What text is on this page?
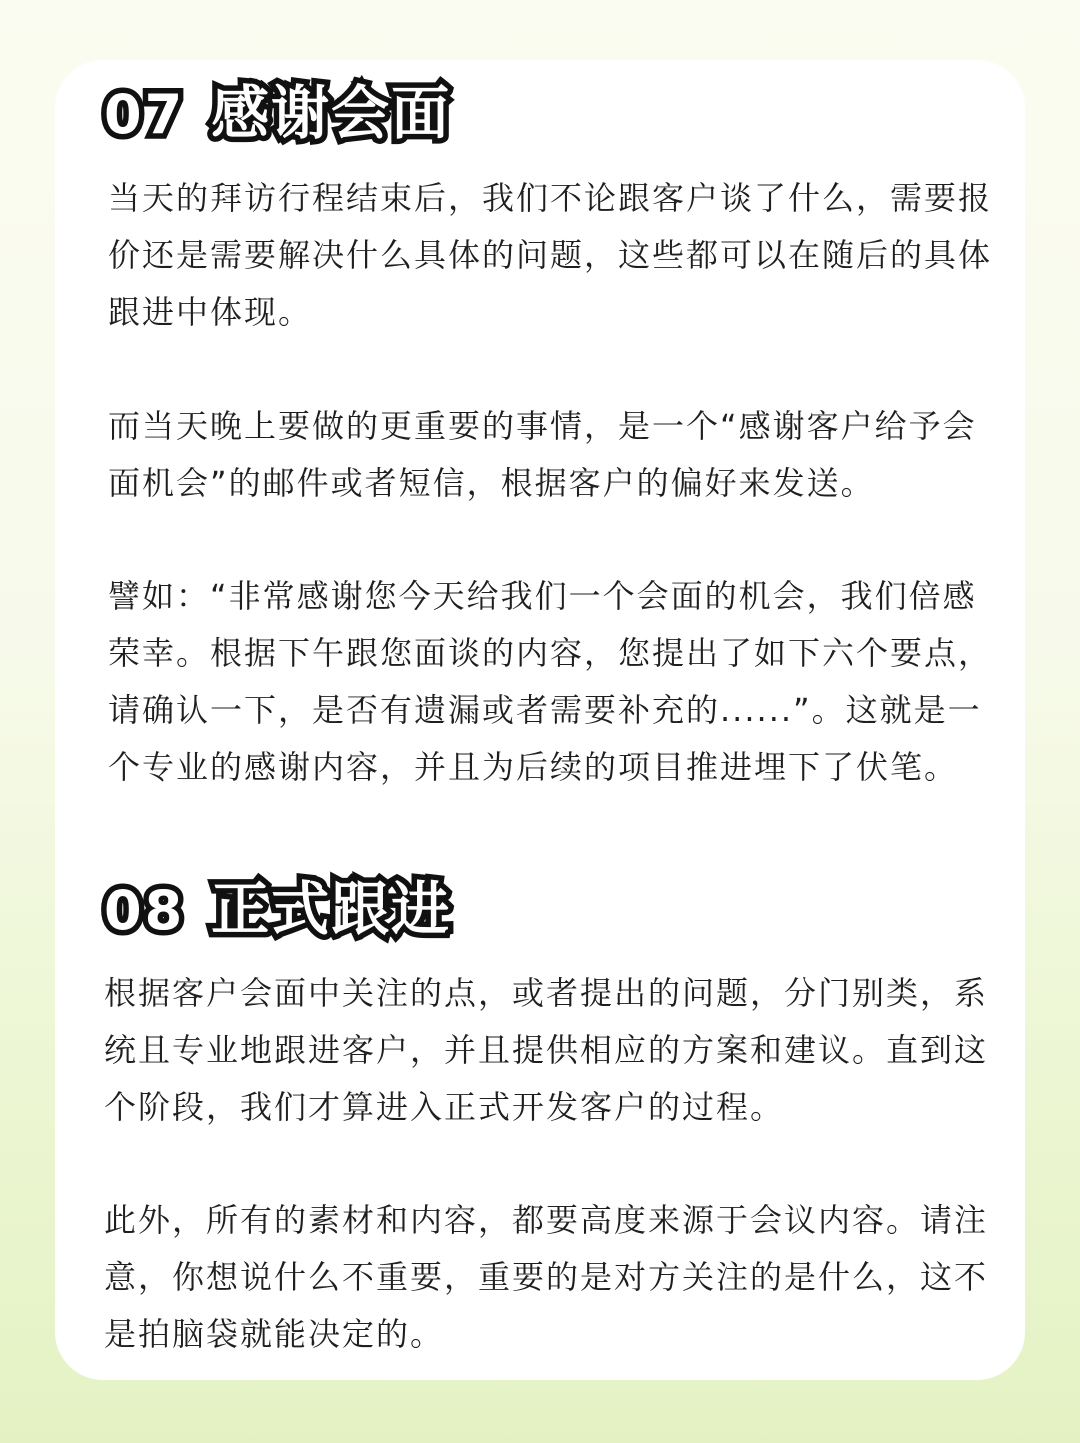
07 感谢会面

当天的拜访行程结束后，我们不论跟客户谈了什么，需要报价还是需要解决什么具体的问题，这些都可以在随后的具体跟进中体现。

而当天晚上要做的更重要的事情，是一个“感谢客户给予会面机会”的邮件或者短信，根据客户的偏好来发送。

譬如：“非常感谢您今天给我们一个会面的机会，我们倍感荣幸。根据下午跟您面谈的内容，您提出了如下六个要点，请确认一下，是否有遗漏或者需要补充的......”。这就是一个专业的感谢内容，并且为后续的项目推进埋下了伏笔。

08 正式跟进

根据客户会面中关注的点，或者提出的问题，分门别类，系统且专业地跟进客户，并且提供相应的方案和建议。直到这个阶段，我们才算进入正式开发客户的过程。

此外，所有的素材和内容，都要高度来源于会议内容。请注意，你想说什么不重要，重要的是对方关注的是什么，这不是拍脑袋就能决定的。
